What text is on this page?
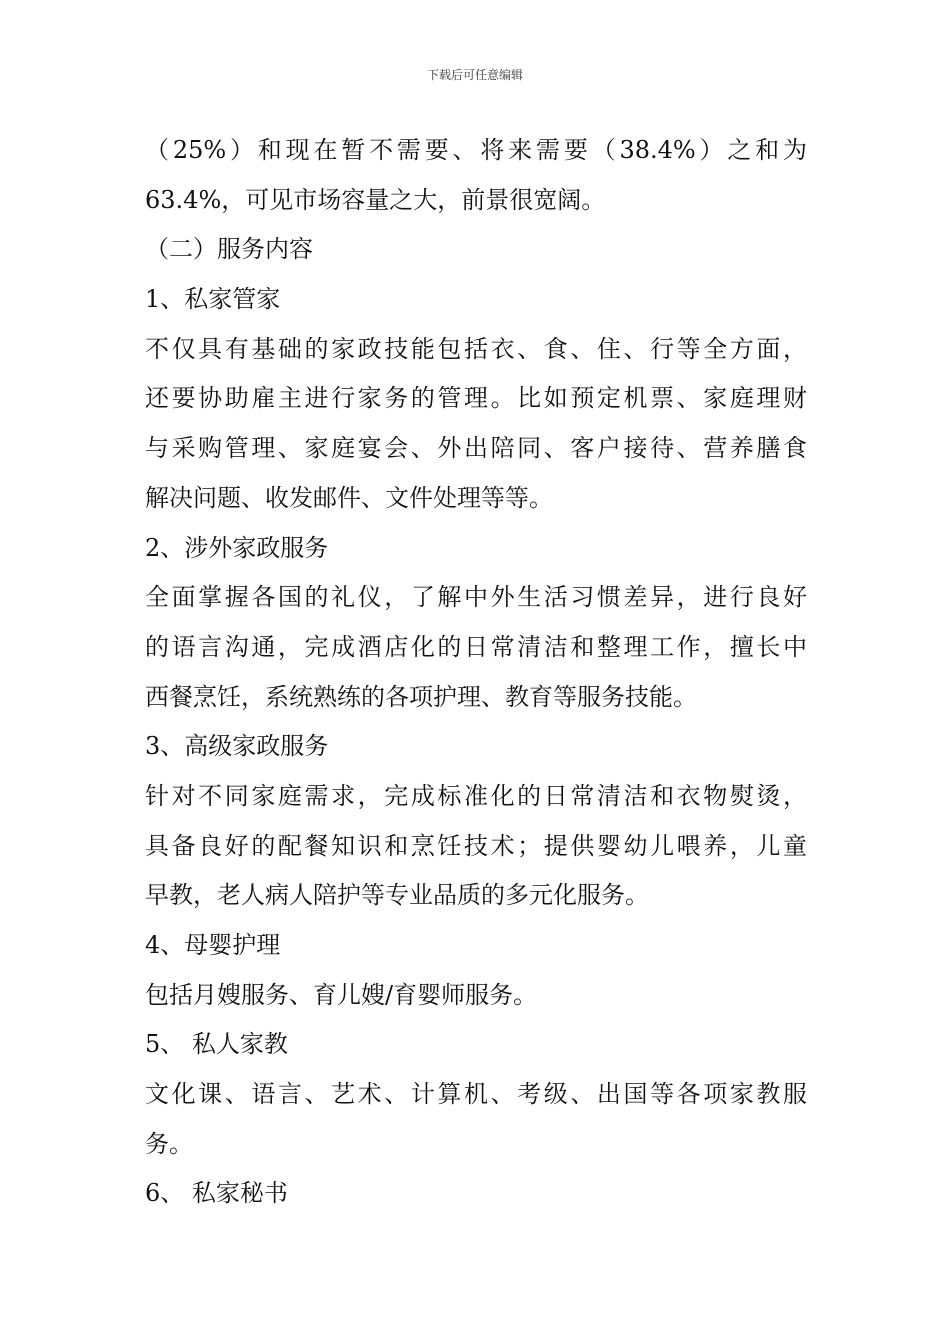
下载后可任意编辑
（25%）和现在暂不需要、将来需要（38.4%）之和为
63.4%，可见市场容量之大，前景很宽阔。
（二）服务内容
1、私家管家
不仅具有基础的家政技能包括衣、食、住、行等全方面，
还要协助雇主进行家务的管理。比如预定机票、家庭理财
与采购管理、家庭宴会、外出陪同、客户接待、营养膳食
解决问题、收发邮件、文件处理等等。
2、涉外家政服务
全面掌握各国的礼仪，了解中外生活习惯差异，进行良好
的语言沟通，完成酒店化的日常清洁和整理工作，擅长中
西餐烹饪，系统熟练的各项护理、教育等服务技能。
3、高级家政服务
针对不同家庭需求，完成标准化的日常清洁和衣物熨烫，
具备良好的配餐知识和烹饪技术；提供婴幼儿喂养，儿童
早教，老人病人陪护等专业品质的多元化服务。
4、母婴护理
包括月嫂服务、育儿嫂/育婴师服务。
5、 私人家教
文化课、语言、艺术、计算机、考级、出国等各项家教服
务。
6、 私家秘书
